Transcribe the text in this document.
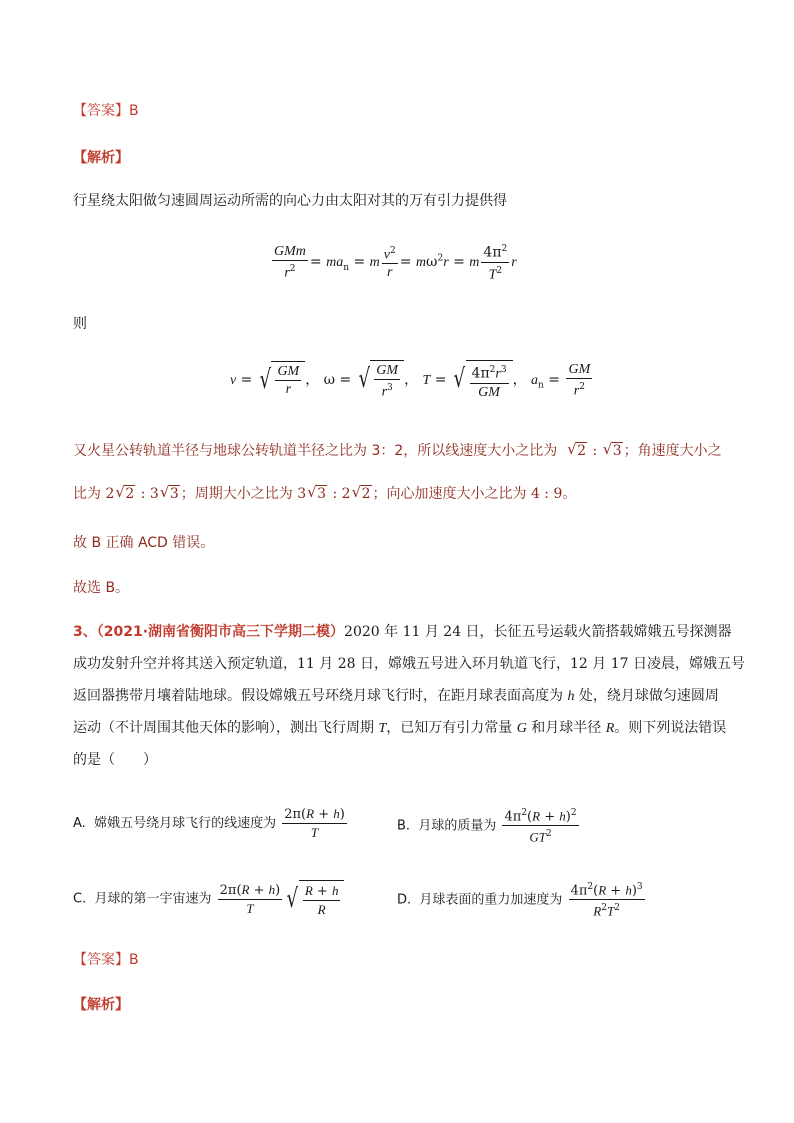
【答案】B
【解析】
行星绕太阳做匀速圆周运动所需的向心力由太阳对其的万有引力提供得
$\frac{\text{GMm}}{r^2} = ma_n = m \frac{v^2}{r} = m\omega^2r = m \frac{4\pi^2}{T^2}$ r
则
v = √ $\frac{GM}{r}$ ， ω = √ $\frac{GM}{r^3}$ ， T = √ $\frac{4\pi^2r^3}{GM}$ ， $a_n = \frac{GM}{r^2}$
又火星公转轨道半径与地球公转轨道半径之比为 3：2，所以线速度大小之比为 √ 2 : √ 3 ；角速度大小之
比为 2 √ 2 : 3 √ 3 ；周期大小之比为 3 √ 3 : 2 √ 2 ；向心加速度大小之比为 4 : 9。
故 B 正确 ACD 错误。
故选 B。
3、（2021·湖南省衡阳市高三下学期二模）2020 年 11 月 24 日，长征五号运载火箭搭载嫦娥五号探测器
成功发射升空并将其送入预定轨道，11 月 28 日，嫦娥五号进入环月轨道飞行，12 月 17 日凌晨，嫦娥五号
返回器携带月壤着陆地球。假设嫦娥五号环绕月球飞行时，在距月球表面高度为 h 处，绕月球做匀速圆周
运动（不计周围其他天体的影响），测出飞行周期 T，已知万有引力常量 G 和月球半径 R。则下列说法错误
的是（　　）
A. 嫦娥五号绕月球飞行的线速度为 $\frac{2\pi(R + h)}{T}$	B. 月球的质量为 $\frac{4\pi^2(R + h)^2}{GT^2}$
C. 月球的第一宇宙速为 $\frac{2\pi(R + h)}{T}$ √ $\frac{R + h}{R}$	D. 月球表面的重力加速度为 $\frac{4\pi^2(R + h)^3}{R^2T^2}$
【答案】B
【解析】
